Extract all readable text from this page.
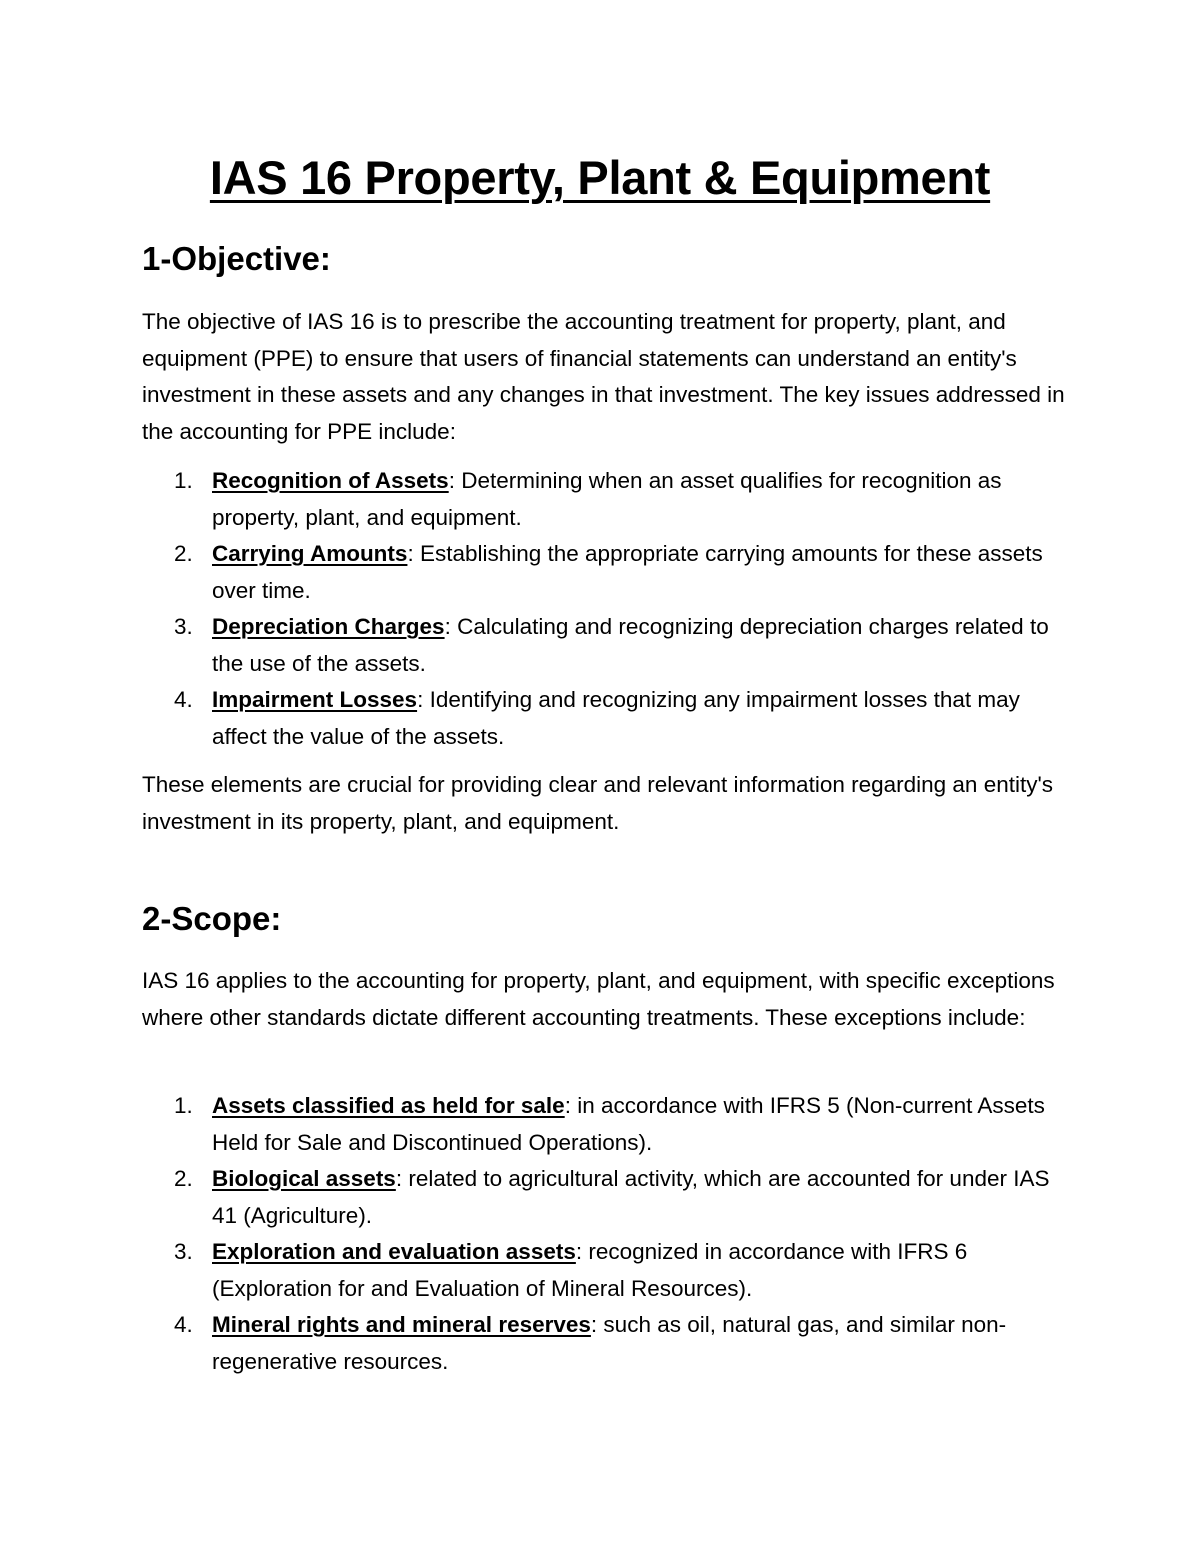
IAS 16 Property, Plant & Equipment
1-Objective:

The objective of IAS 16 is to prescribe the accounting treatment for property, plant, and equipment (PPE) to ensure that users of financial statements can understand an entity's investment in these assets and any changes in that investment. The key issues addressed in the accounting for PPE include:

1. Recognition of Assets: Determining when an asset qualifies for recognition as property, plant, and equipment.
2. Carrying Amounts: Establishing the appropriate carrying amounts for these assets over time.
3. Depreciation Charges: Calculating and recognizing depreciation charges related to the use of the assets.
4. Impairment Losses: Identifying and recognizing any impairment losses that may affect the value of the assets.

These elements are crucial for providing clear and relevant information regarding an entity's investment in its property, plant, and equipment.

2-Scope:

IAS 16 applies to the accounting for property, plant, and equipment, with specific exceptions where other standards dictate different accounting treatments. These exceptions include:

1. Assets classified as held for sale: in accordance with IFRS 5 (Non-current Assets Held for Sale and Discontinued Operations).
2. Biological assets: related to agricultural activity, which are accounted for under IAS 41 (Agriculture).
3. Exploration and evaluation assets: recognized in accordance with IFRS 6 (Exploration for and Evaluation of Mineral Resources).
4. Mineral rights and mineral reserves: such as oil, natural gas, and similar non-regenerative resources.
